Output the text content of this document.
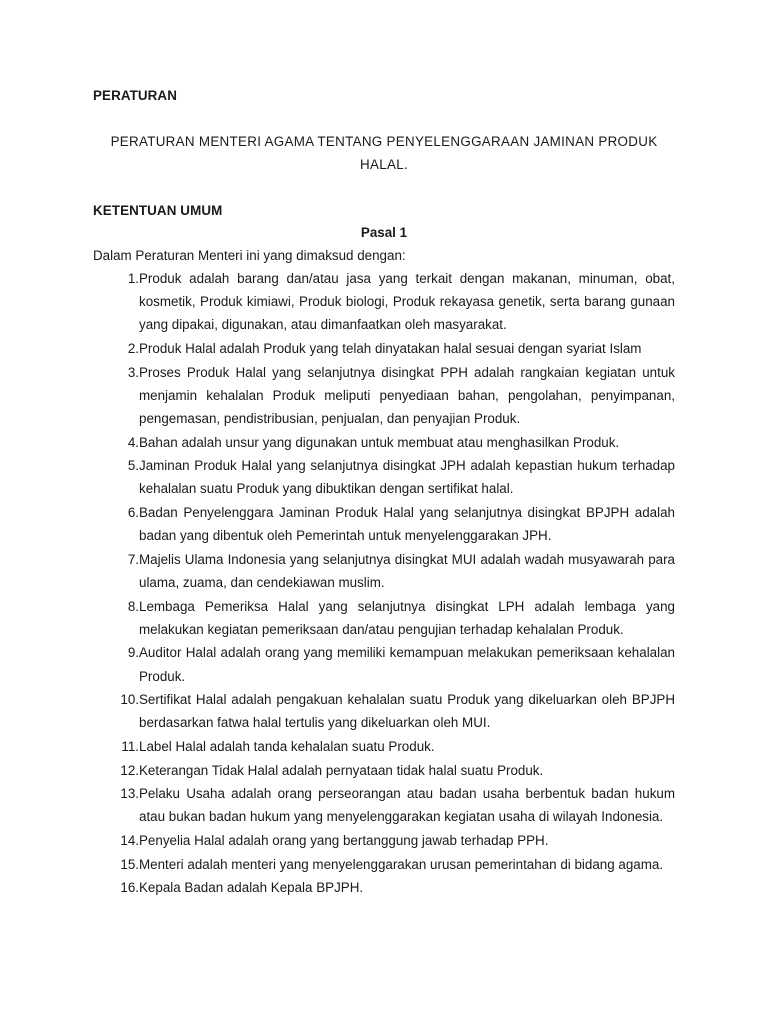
PERATURAN
PERATURAN MENTERI AGAMA TENTANG PENYELENGGARAAN JAMINAN PRODUK HALAL.
KETENTUAN UMUM
Pasal 1
Dalam Peraturan Menteri ini yang dimaksud dengan:
1. Produk adalah barang dan/atau jasa yang terkait dengan makanan, minuman, obat, kosmetik, Produk kimiawi, Produk biologi, Produk rekayasa genetik, serta barang gunaan yang dipakai, digunakan, atau dimanfaatkan oleh masyarakat.
2. Produk Halal adalah Produk yang telah dinyatakan halal sesuai dengan syariat Islam
3. Proses Produk Halal yang selanjutnya disingkat PPH adalah rangkaian kegiatan untuk menjamin kehalalan Produk meliputi penyediaan bahan, pengolahan, penyimpanan, pengemasan, pendistribusian, penjualan, dan penyajian Produk.
4. Bahan adalah unsur yang digunakan untuk membuat atau menghasilkan Produk.
5. Jaminan Produk Halal yang selanjutnya disingkat JPH adalah kepastian hukum terhadap kehalalan suatu Produk yang dibuktikan dengan sertifikat halal.
6. Badan Penyelenggara Jaminan Produk Halal yang selanjutnya disingkat BPJPH adalah badan yang dibentuk oleh Pemerintah untuk menyelenggarakan JPH.
7. Majelis Ulama Indonesia yang selanjutnya disingkat MUI adalah wadah musyawarah para ulama, zuama, dan cendekiawan muslim.
8. Lembaga Pemeriksa Halal yang selanjutnya disingkat LPH adalah lembaga yang melakukan kegiatan pemeriksaan dan/atau pengujian terhadap kehalalan Produk.
9. Auditor Halal adalah orang yang memiliki kemampuan melakukan pemeriksaan kehalalan Produk.
10. Sertifikat Halal adalah pengakuan kehalalan suatu Produk yang dikeluarkan oleh BPJPH berdasarkan fatwa halal tertulis yang dikeluarkan oleh MUI.
11. Label Halal adalah tanda kehalalan suatu Produk.
12. Keterangan Tidak Halal adalah pernyataan tidak halal suatu Produk.
13. Pelaku Usaha adalah orang perseorangan atau badan usaha berbentuk badan hukum atau bukan badan hukum yang menyelenggarakan kegiatan usaha di wilayah Indonesia.
14. Penyelia Halal adalah orang yang bertanggung jawab terhadap PPH.
15. Menteri adalah menteri yang menyelenggarakan urusan pemerintahan di bidang agama.
16. Kepala Badan adalah Kepala BPJPH.
